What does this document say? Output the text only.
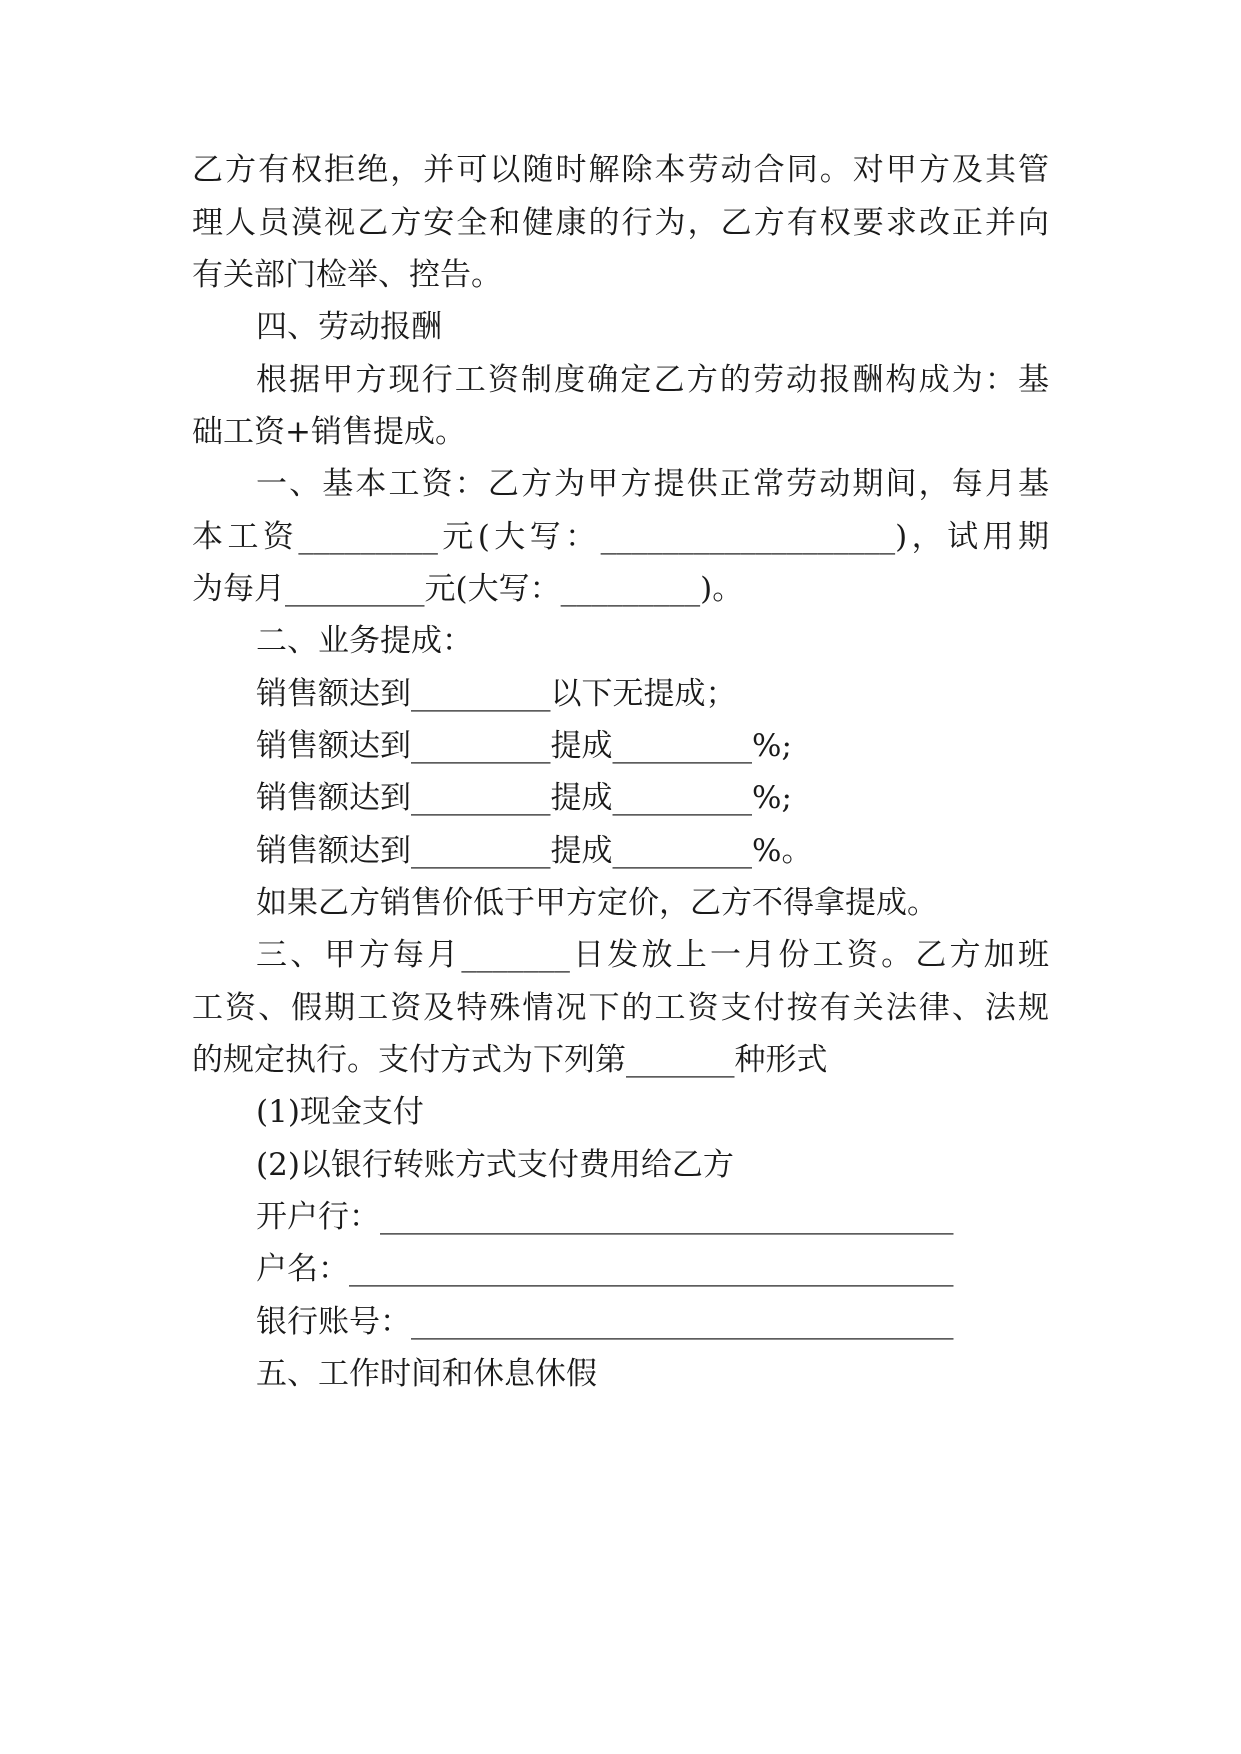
乙方有权拒绝，并可以随时解除本劳动合同。对甲方及其管
理人员漠视乙方安全和健康的行为，乙方有权要求改正并向
有关部门检举、控告。
四、劳动报酬
根据甲方现行工资制度确定乙方的劳动报酬构成为：基
础工资+销售提成。
一、基本工资：乙方为甲方提供正常劳动期间，每月基
本工资_________元(大写：___________________)，试用期
为每月_________元(大写：_________)。
二、业务提成：
销售额达到_________以下无提成；
销售额达到_________提成_________%;
销售额达到_________提成_________%;
销售额达到_________提成_________%。
如果乙方销售价低于甲方定价，乙方不得拿提成。
三、甲方每月_______日发放上一月份工资。乙方加班
工资、假期工资及特殊情况下的工资支付按有关法律、法规
的规定执行。支付方式为下列第_______种形式
(1)现金支付
(2)以银行转账方式支付费用给乙方
开户行：_____________________________________
户名：_______________________________________
银行账号：___________________________________
五、工作时间和休息休假
